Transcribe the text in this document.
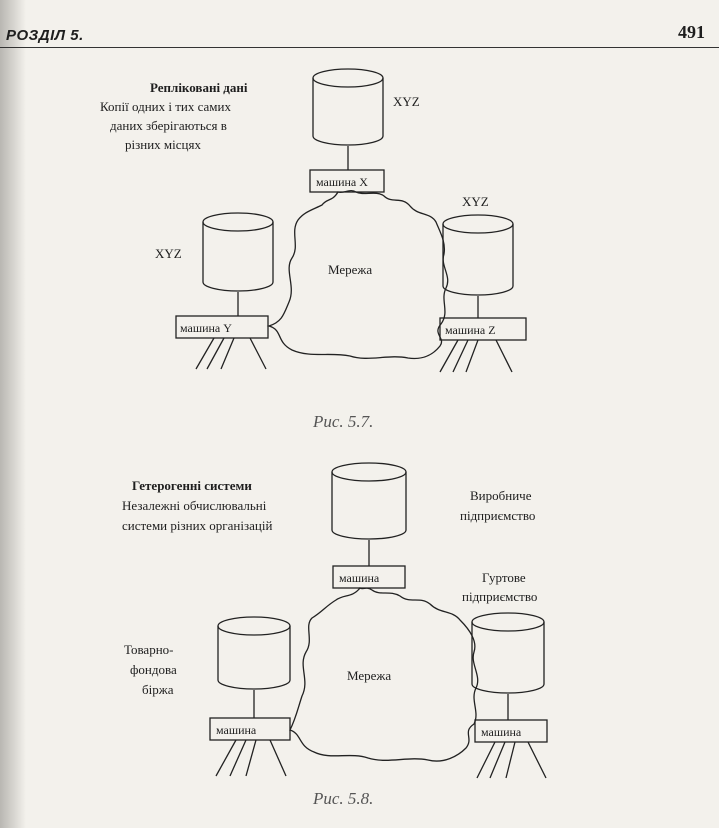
РОЗДІЛ 5.	491
Репліковані дані
Копії одних і тих самих
даних зберігаються в
різних місцях
XYZ
XYZ
XYZ
машина X
машина Y	машина Z
Мережа
Рис. 5.7.
Гетерогенні системи
Незалежні обчислювальні
системи різних організацій
Виробниче
підприємство
Гуртове
підприємство
Товарно-
фондова
біржа
машина
машина	машина
Мережа
Рис. 5.8.
